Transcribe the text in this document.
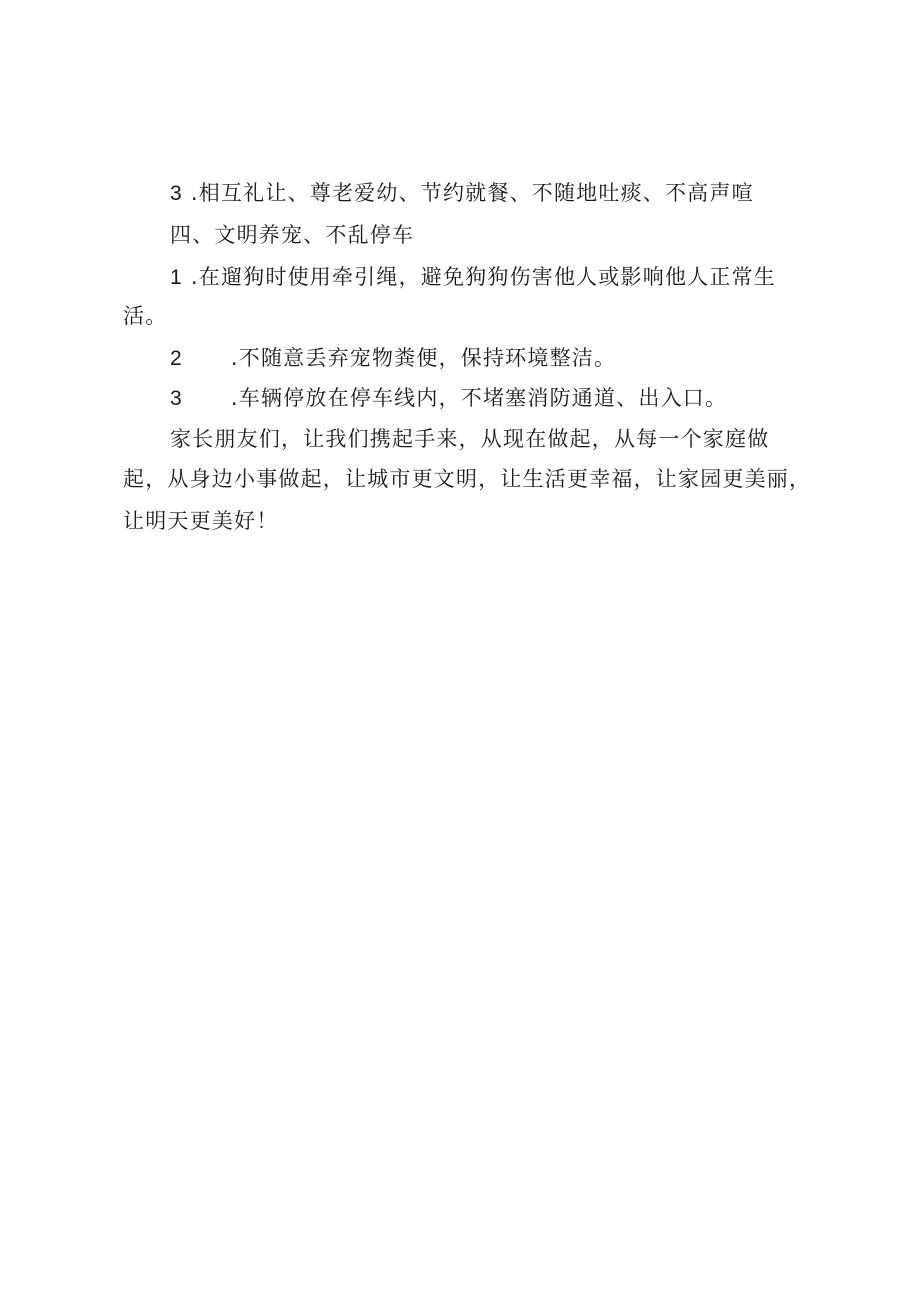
3 .相互礼让、尊老爱幼、节约就餐、不随地吐痰、不高声喧
四、文明养宠、不乱停车
1 .在遛狗时使用牵引绳，避免狗狗伤害他人或影响他人正常生
活。
2 .不随意丢弃宠物粪便，保持环境整洁。
3 .车辆停放在停车线内，不堵塞消防通道、出入口。
家长朋友们，让我们携起手来，从现在做起，从每一个家庭做
起，从身边小事做起，让城市更文明，让生活更幸福，让家园更美丽，
让明天更美好！
